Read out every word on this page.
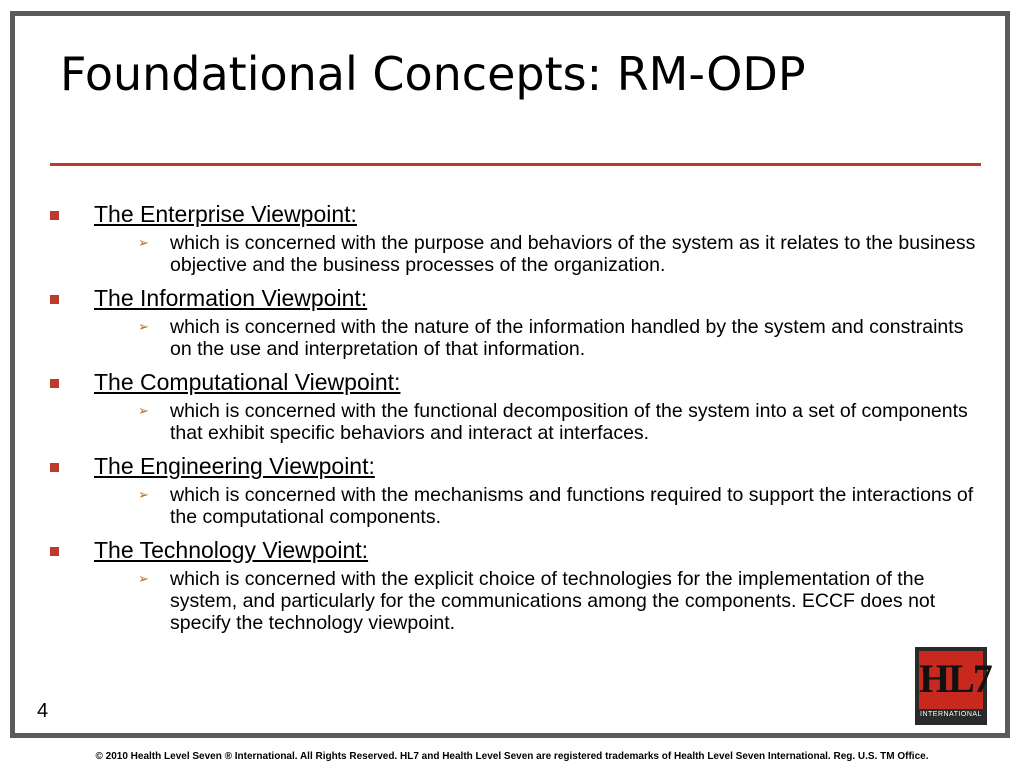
Foundational Concepts: RM-ODP
The Enterprise Viewpoint:
➢ which is concerned with the purpose and behaviors of the system as it relates to the business objective and the business processes of the organization.
The Information Viewpoint:
➢ which is concerned with the nature of the information handled by the system and constraints on the use and interpretation of that information.
The Computational Viewpoint:
➢ which is concerned with the functional decomposition of the system into a set of components that exhibit specific behaviors and interact at interfaces.
The Engineering Viewpoint:
➢ which is concerned with the mechanisms and functions required to support the interactions of the computational components.
The Technology Viewpoint:
➢ which is concerned with the explicit choice of technologies for the implementation of the system, and particularly for the communications among the components. ECCF does not specify the technology viewpoint.
4
HL7
INTERNATIONAL
© 2010 Health Level Seven ® International. All Rights Reserved. HL7 and Health Level Seven are registered trademarks of Health Level Seven International. Reg. U.S. TM Office.
